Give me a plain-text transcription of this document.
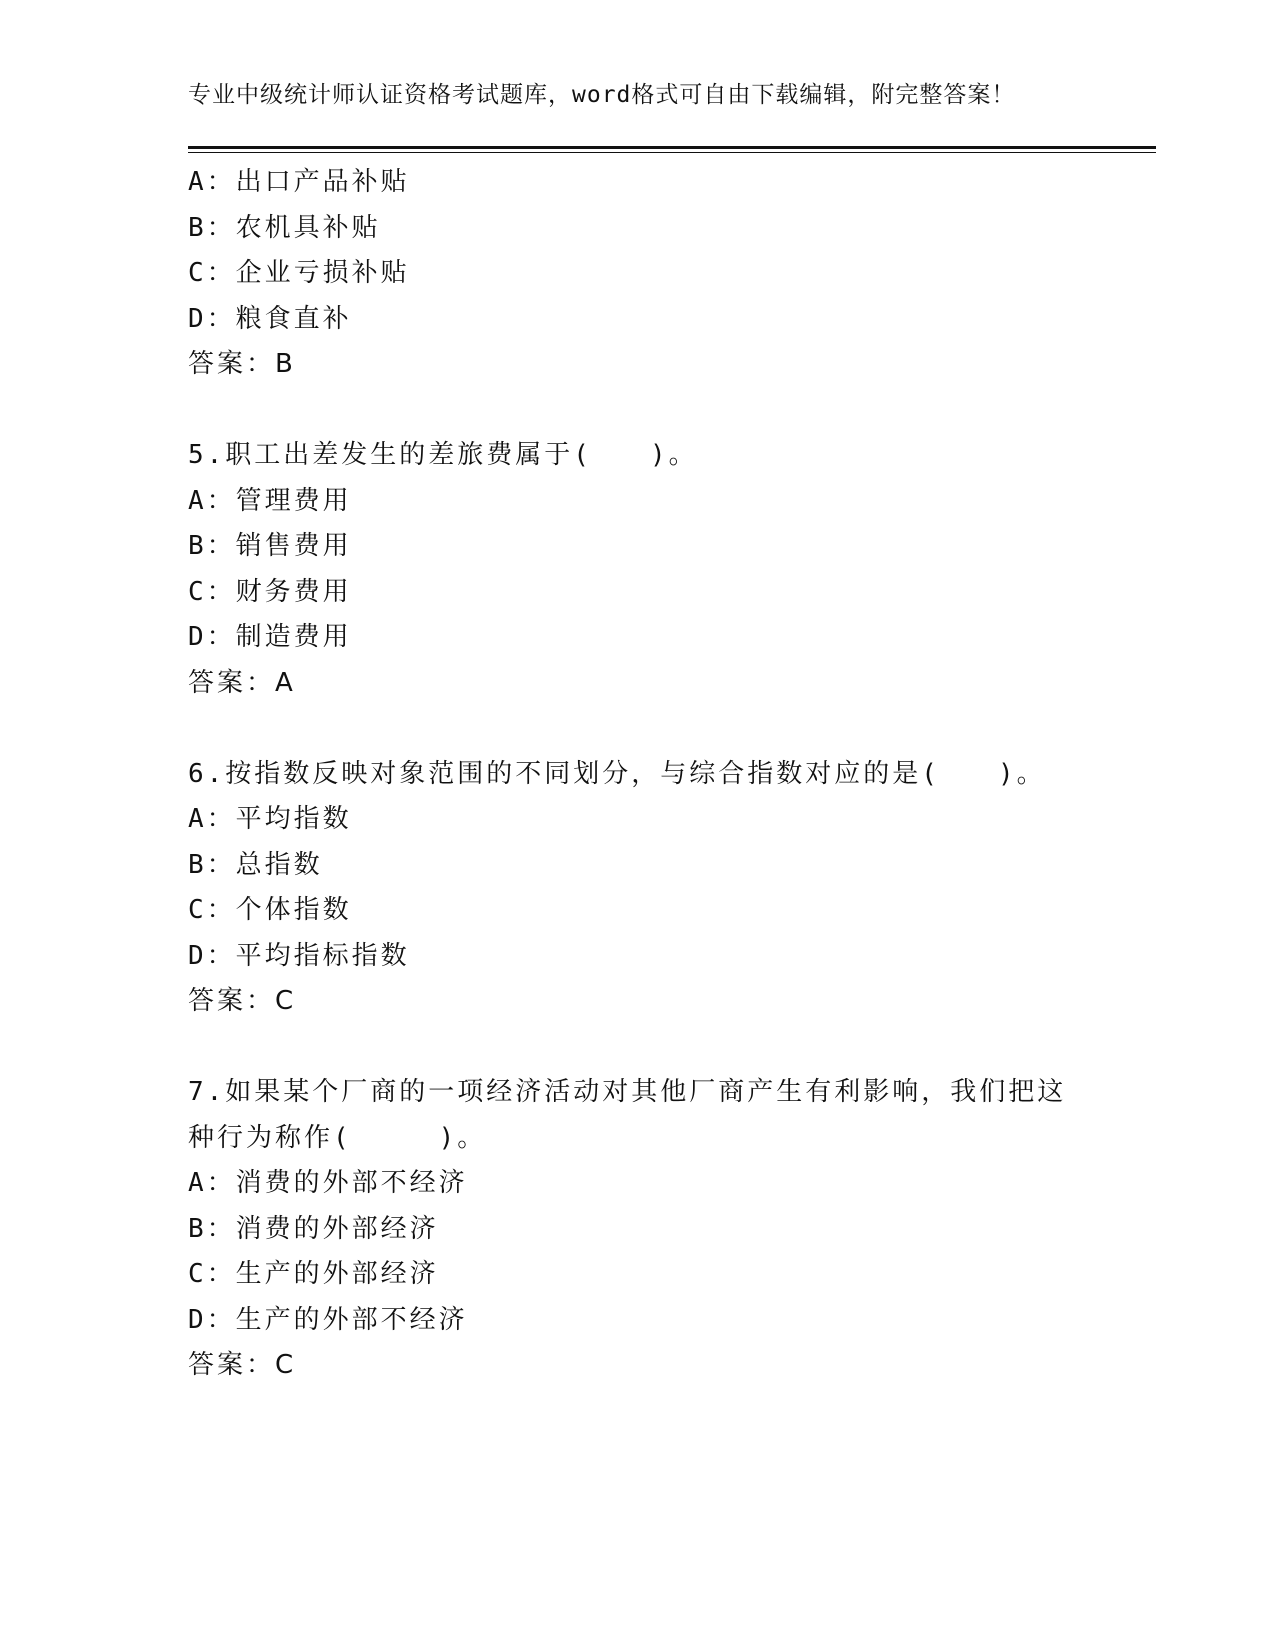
专业中级统计师认证资格考试题库，word格式可自由下载编辑，附完整答案！
A：出口产品补贴
B：农机具补贴
C：企业亏损补贴
D：粮食直补
答案：B
5.职工出差发生的差旅费属于(　　)。
A：管理费用
B：销售费用
C：财务费用
D：制造费用
答案：A
6.按指数反映对象范围的不同划分，与综合指数对应的是(　　)。
A：平均指数
B：总指数
C：个体指数
D：平均指标指数
答案：C
7.如果某个厂商的一项经济活动对其他厂商产生有利影响，我们把这
种行为称作(　　　)。
A：消费的外部不经济
B：消费的外部经济
C：生产的外部经济
D：生产的外部不经济
答案：C
